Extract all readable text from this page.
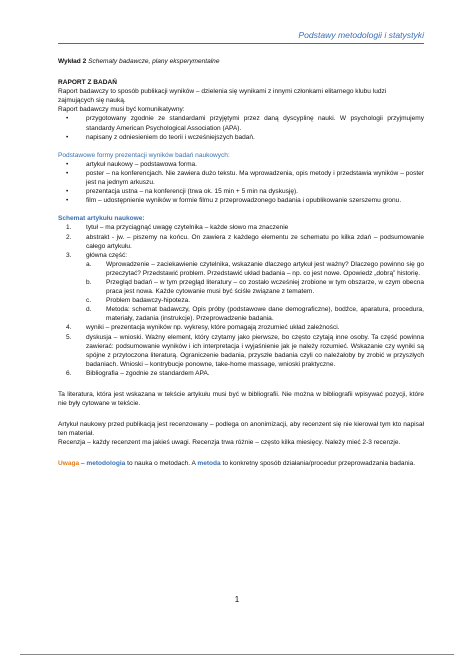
Podstawy metodologii i statystyki

Wykład 2 Schematy badawcze, plany eksperymentalne

RAPORT Z BADAŃ

Raport badawczy to sposób publikacji wyników – dzielenia się wynikami z innymi członkami elitarnego klubu ludzi zajmujących się nauką.

Raport badawczy musi być komunikatywny:

• przygotowany zgodnie ze standardami przyjętymi przez daną dyscyplinę nauki. W psychologii przyjmujemy standardy American Psychological Association (APA).
• napisany z odniesieniem do teorii i wcześniejszych badań.

Podstawowe formy prezentacji wyników badań naukowych:

• artykuł naukowy – podstawowa forma.
• poster – na konferencjach. Nie zawiera dużo tekstu. Ma wprowadzenia, opis metody i przedstawia wyników – poster jest na jednym arkuszu.
• prezentacja ustna – na konferencji (trwa ok. 15 min + 5 min na dyskusję).
• film – udostępnienie wyników w formie filmu z przeprowadzonego badania i opublikowanie szerszemu gronu.

Schemat artykułu naukowe:

1. tytuł – ma przyciągnąć uwagę czytelnika – każde słowo ma znaczenie
2. abstrakt - jw. – piszemy na końcu. On zawiera z każdego elementu ze schematu po kilka zdań – podsumowanie całego artykułu.
3. główna część:
a. Wprowadzenie – zaciekawienie czytelnika, wskazanie dlaczego artykuł jest ważny? Dlaczego powinno się go przeczytać? Przedstawić problem. Przedstawić układ badania – np. co jest nowe. Opowiedz „dobrą” historię.
b. Przegląd badań – w tym przegląd literatury – co zostało wcześniej zrobione w tym obszarze, w czym obecna praca jest nowa. Każde cytowanie musi być ściśle związane z tematem.
c. Problem badawczy-hipoteza.
d. Metoda: schemat badawczy, Opis próby (podstawowe dane demograficzne), bodźce, aparatura, procedura, materiały, zadania (instrukcje). Przeprowadzenie badania.
4. wyniki – prezentacja wyników np. wykresy, które pomagają zrozumieć układ zależności.
5. dyskusja – wnioski. Ważny element, który czytamy jako pierwsze, bo często czytają inne osoby. Ta część powinna zawierać: podsumowanie wyników i ich interpretacja i wyjaśnienie jak je należy rozumieć. Wskazanie czy wyniki są spójne z przytoczona literaturą. Ograniczenie badania, przyszłe badania czyli co należałoby by zrobić w przyszłych badaniach. Wnioski – kontrybucje ponowne, take-home massage, wnioski praktyczne.
6. Bibliografia – zgodnie ze standardem APA.

Ta literatura, która jest wskazana w tekście artykułu musi być w bibliografii. Nie można w bibliografii wpisywać pozycji, które nie były cytowane w tekście.

Artykuł naukowy przed publikacją jest recenzowany – podlega on anonimizacji, aby recenzent się nie kierował tym kto napisał ten materiał.

Recenzja – każdy recenzent ma jakieś uwagi. Recenzja trwa różnie – często kilka miesięcy. Należy mieć 2-3 recenzje.

Uwaga – metodologia to nauka o metodach. A metoda to konkretny sposób działania/procedur przeprowadzania badania.

1
